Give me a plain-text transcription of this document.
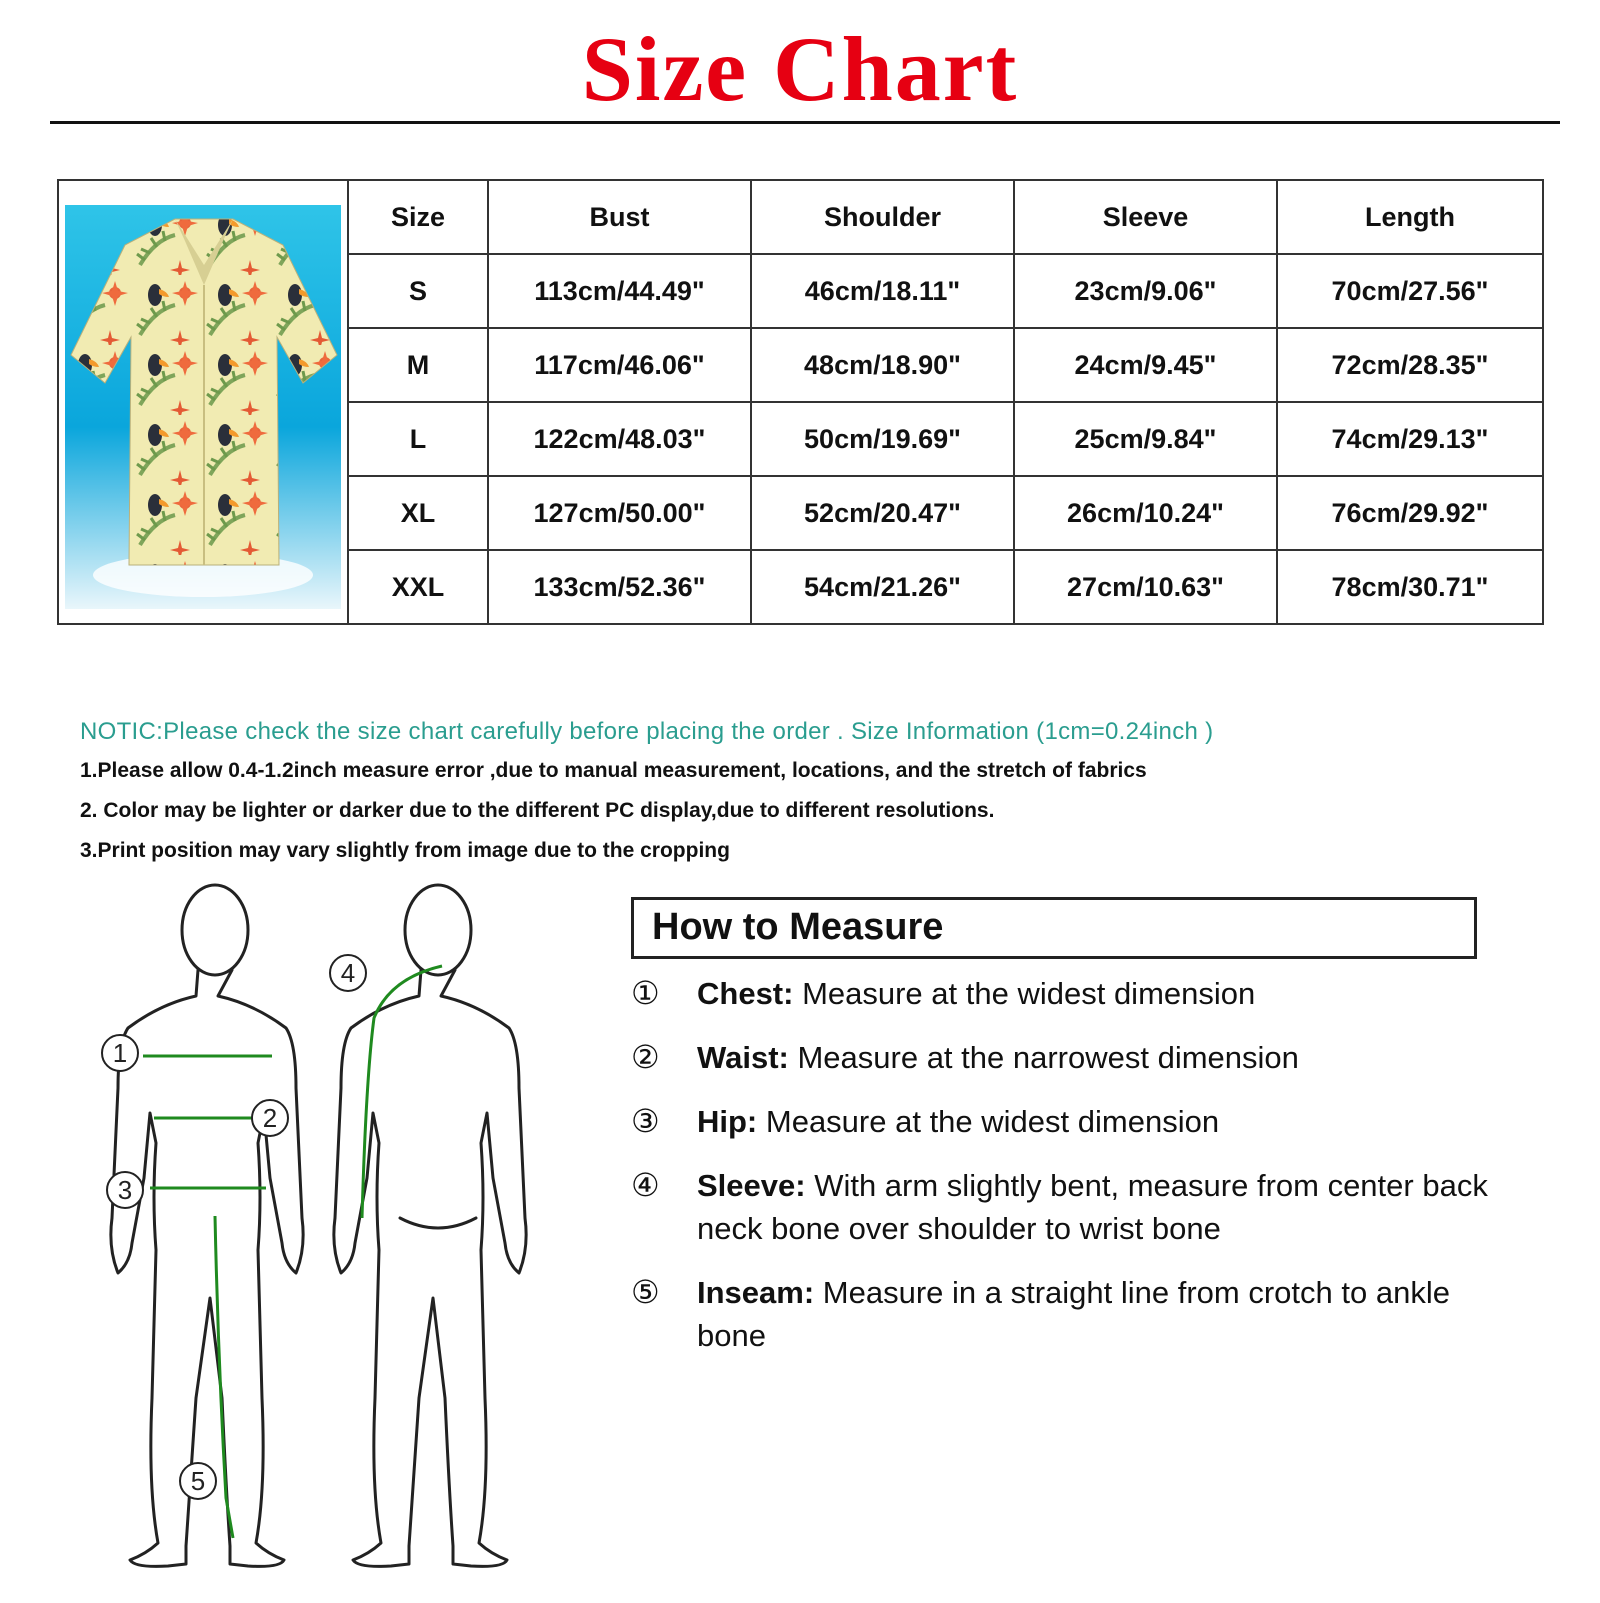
Size Chart
	Size	Bust	Shoulder	Sleeve	Length
	S	113cm/44.49"	46cm/18.11"	23cm/9.06"	70cm/27.56"
	M	117cm/46.06"	48cm/18.90"	24cm/9.45"	72cm/28.35"
	L	122cm/48.03"	50cm/19.69"	25cm/9.84"	74cm/29.13"
	XL	127cm/50.00"	52cm/20.47"	26cm/10.24"	76cm/29.92"
	XXL	133cm/52.36"	54cm/21.26"	27cm/10.63"	78cm/30.71"
NOTIC:Please check the size chart carefully before placing the order . Size Information (1cm=0.24inch )
1.Please allow 0.4-1.2inch measure error ,due to manual measurement, locations, and the stretch of fabrics
2. Color may be lighter or darker due to the different PC display,due to different resolutions.
3.Print position may vary slightly from image due to the cropping
1
2
3
4
5
How to Measure
① Chest: Measure at the widest dimension
② Waist: Measure at the narrowest dimension
③ Hip: Measure at the widest dimension
④ Sleeve: With arm slightly bent, measure from center back neck bone over shoulder to wrist bone
⑤ Inseam: Measure in a straight line from crotch to ankle bone
